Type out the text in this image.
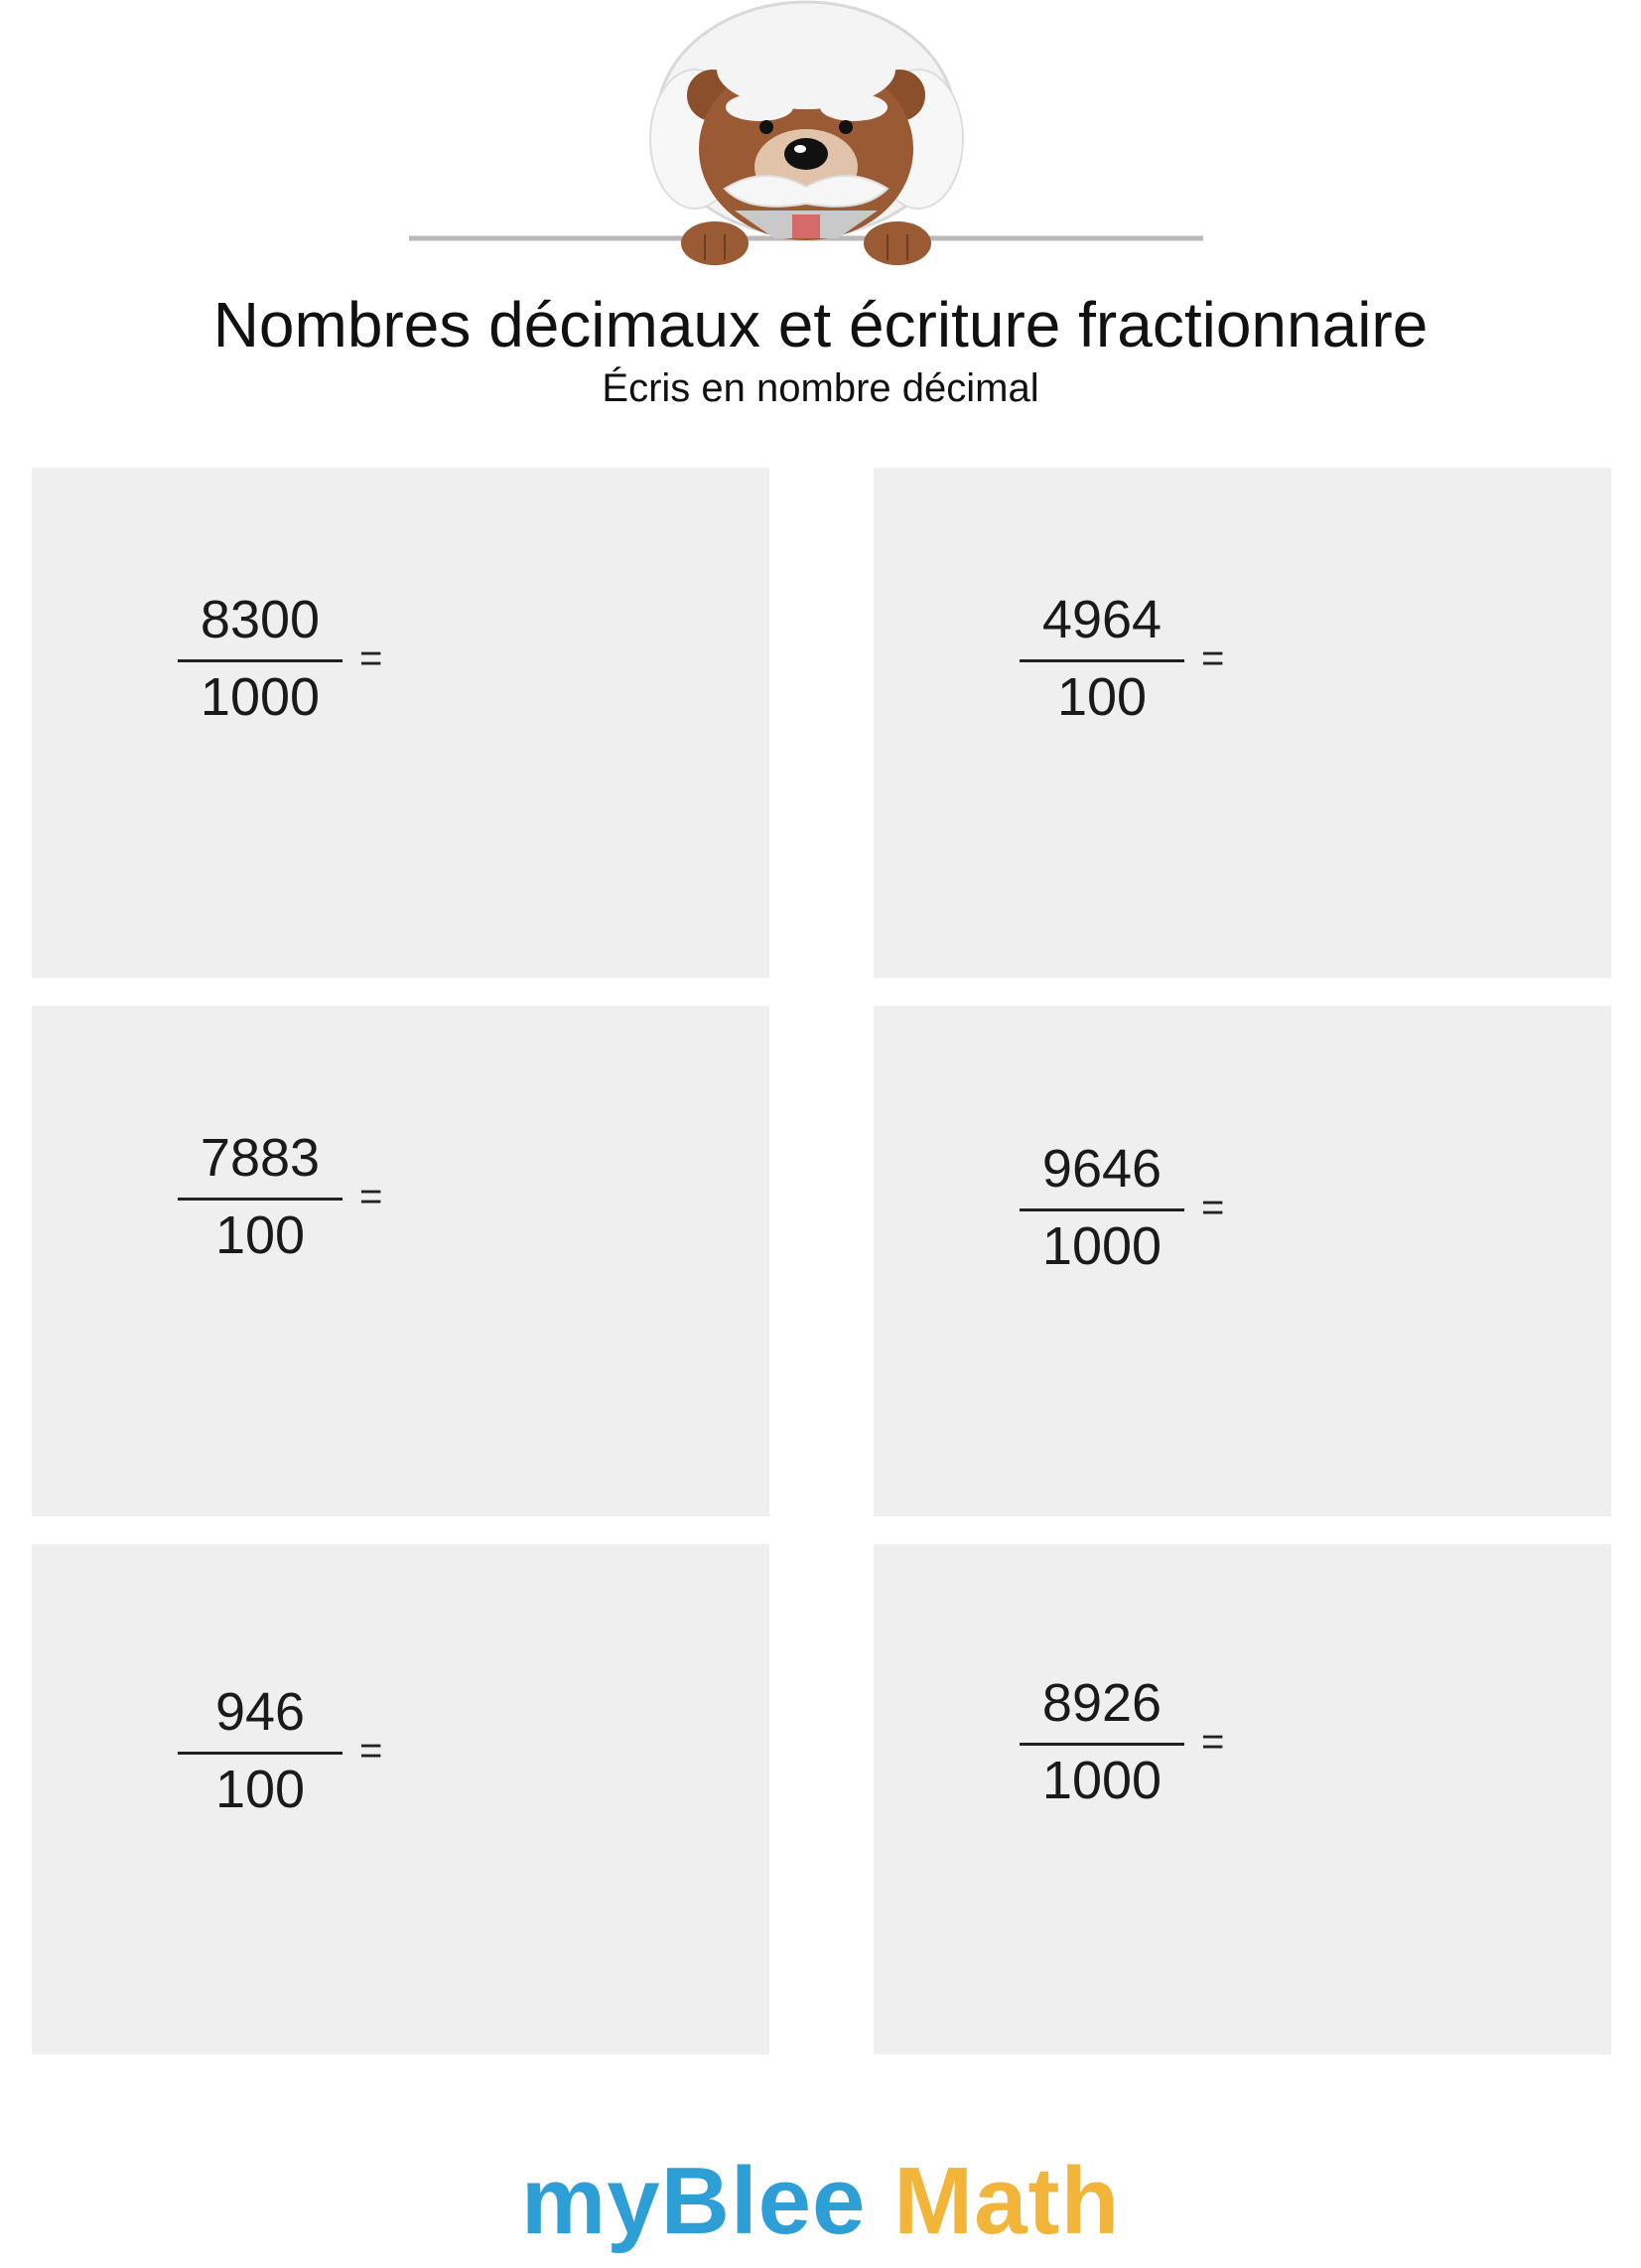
Nombres décimaux et écriture fractionnaire

Écris en nombre décimal

8300
1000
=
4964
100
=
7883
100
=	9646
1000
=
946
100
=
8926
1000
=
myBlee Math
